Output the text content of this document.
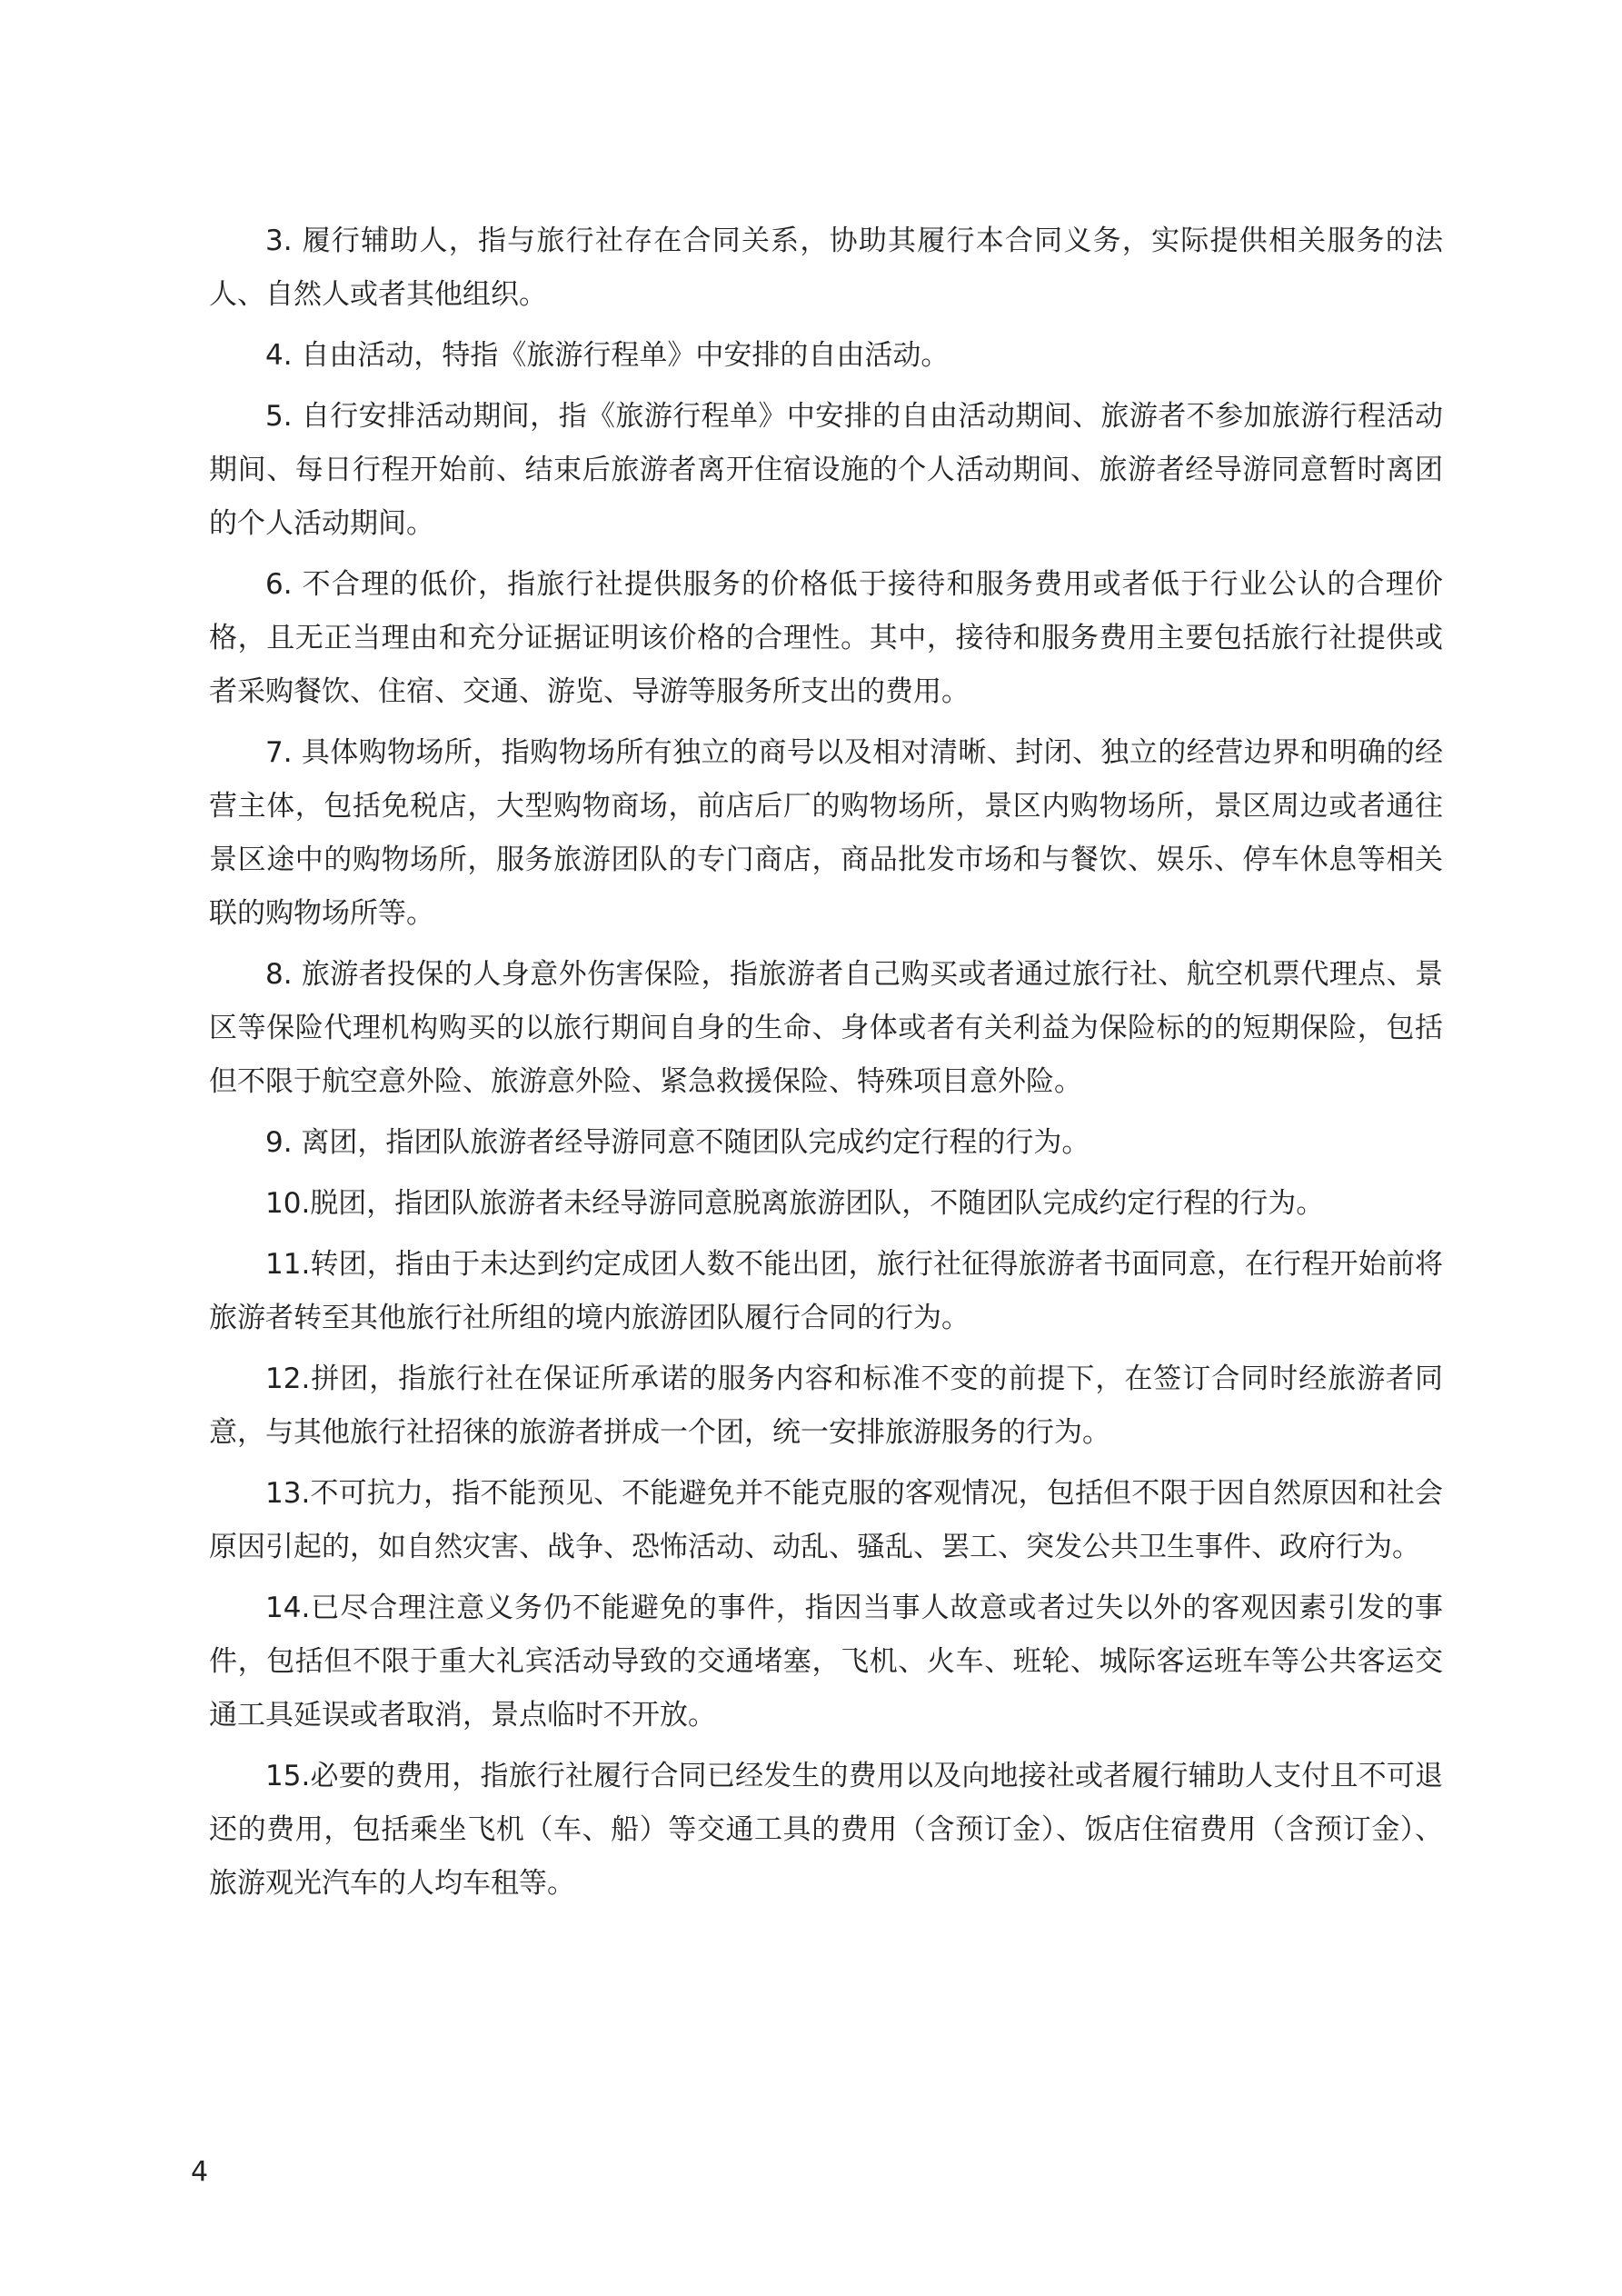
3. 履行辅助人，指与旅行社存在合同关系，协助其履行本合同义务，实际提供相关服务的法人、自然人或者其他组织。

4. 自由活动，特指《旅游行程单》中安排的自由活动。

5. 自行安排活动期间，指《旅游行程单》中安排的自由活动期间、旅游者不参加旅游行程活动期间、每日行程开始前、结束后旅游者离开住宿设施的个人活动期间、旅游者经导游同意暂时离团的个人活动期间。

6. 不合理的低价，指旅行社提供服务的价格低于接待和服务费用或者低于行业公认的合理价格，且无正当理由和充分证据证明该价格的合理性。其中，接待和服务费用主要包括旅行社提供或者采购餐饮、住宿、交通、游览、导游等服务所支出的费用。

7. 具体购物场所，指购物场所有独立的商号以及相对清晰、封闭、独立的经营边界和明确的经营主体，包括免税店，大型购物商场，前店后厂的购物场所，景区内购物场所，景区周边或者通往景区途中的购物场所，服务旅游团队的专门商店，商品批发市场和与餐饮、娱乐、停车休息等相关联的购物场所等。

8. 旅游者投保的人身意外伤害保险，指旅游者自己购买或者通过旅行社、航空机票代理点、景区等保险代理机构购买的以旅行期间自身的生命、身体或者有关利益为保险标的的短期保险，包括但不限于航空意外险、旅游意外险、紧急救援保险、特殊项目意外险。

9. 离团，指团队旅游者经导游同意不随团队完成约定行程的行为。

10.脱团，指团队旅游者未经导游同意脱离旅游团队，不随团队完成约定行程的行为。

11.转团，指由于未达到约定成团人数不能出团，旅行社征得旅游者书面同意，在行程开始前将旅游者转至其他旅行社所组的境内旅游团队履行合同的行为。

12.拼团，指旅行社在保证所承诺的服务内容和标准不变的前提下，在签订合同时经旅游者同意，与其他旅行社招徕的旅游者拼成一个团，统一安排旅游服务的行为。

13.不可抗力，指不能预见、不能避免并不能克服的客观情况，包括但不限于因自然原因和社会原因引起的，如自然灾害、战争、恐怖活动、动乱、骚乱、罢工、突发公共卫生事件、政府行为。

14.已尽合理注意义务仍不能避免的事件，指因当事人故意或者过失以外的客观因素引发的事件，包括但不限于重大礼宾活动导致的交通堵塞，飞机、火车、班轮、城际客运班车等公共客运交通工具延误或者取消，景点临时不开放。

15.必要的费用，指旅行社履行合同已经发生的费用以及向地接社或者履行辅助人支付且不可退还的费用，包括乘坐飞机（车、船）等交通工具的费用（含预订金）、饭店住宿费用（含预订金）、旅游观光汽车的人均车租等。

4
